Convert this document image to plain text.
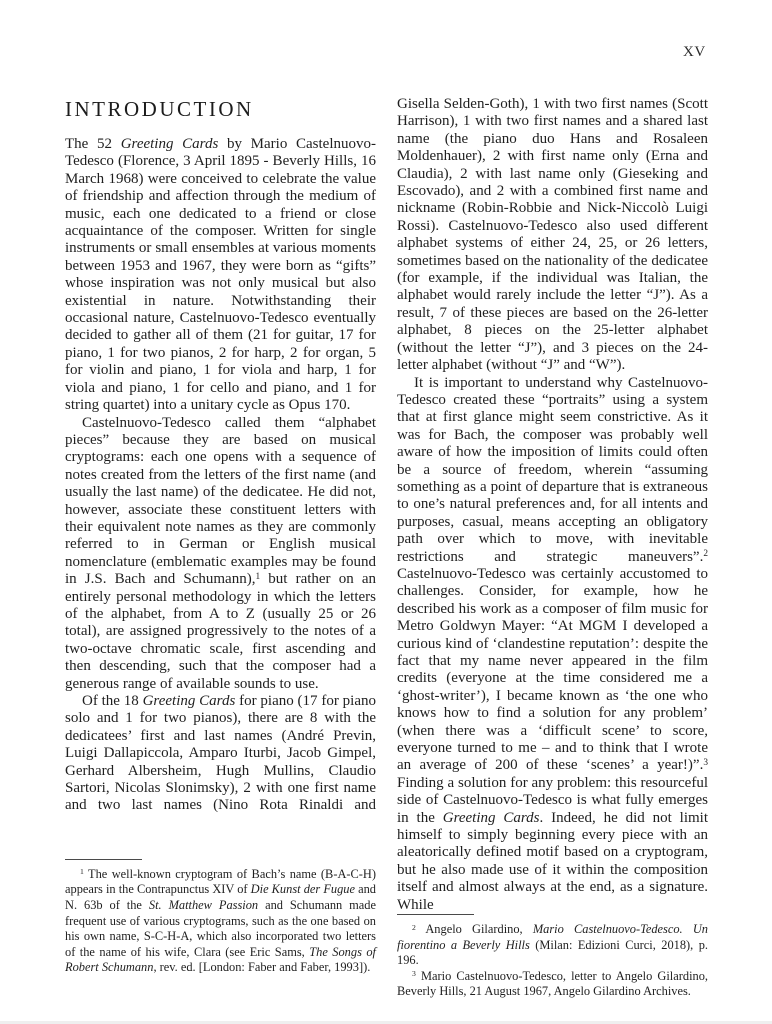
XV
INTRODUCTION

The 52 Greeting Cards by Mario Castelnuovo-Tedesco (Florence, 3 April 1895 - Beverly Hills, 16 March 1968) were conceived to celebrate the value of friendship and affection through the medium of music, each one dedicated to a friend or close acquaintance of the composer. Written for single instruments or small ensembles at various moments between 1953 and 1967, they were born as “gifts” whose inspiration was not only musical but also existential in nature. Notwithstanding their occasional nature, Castelnuovo-Tedesco eventually decided to gather all of them (21 for guitar, 17 for piano, 1 for two pianos, 2 for harp, 2 for organ, 5 for violin and piano, 1 for viola and harp, 1 for viola and piano, 1 for cello and piano, and 1 for string quartet) into a unitary cycle as Opus 170.

Castelnuovo-Tedesco called them “alphabet pieces” because they are based on musical cryptograms: each one opens with a sequence of notes created from the letters of the first name (and usually the last name) of the dedicatee. He did not, however, associate these constituent letters with their equivalent note names as they are commonly referred to in German or English musical nomenclature (emblematic examples may be found in J.S. Bach and Schumann),$^1$ but rather on an entirely personal methodology in which the letters of the alphabet, from A to Z (usually 25 or 26 total), are assigned progressively to the notes of a two-octave chromatic scale, first ascending and then descending, such that the composer had a generous range of available sounds to use.

Of the 18 Greeting Cards for piano (17 for piano solo and 1 for two pianos), there are 8 with the dedicatees’ first and last names (André Previn, Luigi Dallapiccola, Amparo Iturbi, Jacob Gimpel, Gerhard Albersheim, Hugh Mullins, Claudio Sartori, Nicolas Slonimsky), 2 with one first name and two last names (Nino Rota Rinaldi and

$^1$ The well-known cryptogram of Bach’s name (B-A-C-H) appears in the Contrapunctus XIV of Die Kunst der Fugue and N. 63b of the St. Matthew Passion and Schumann made frequent use of various cryptograms, such as the one based on his own name, S-C-H-A, which also incorporated two letters of the name of his wife, Clara (see Eric Sams, The Songs of Robert Schumann, rev. ed. [London: Faber and Faber, 1993]).

Gisella Selden-Goth), 1 with two first names (Scott Harrison), 1 with two first names and a shared last name (the piano duo Hans and Rosaleen Moldenhauer), 2 with first name only (Erna and Claudia), 2 with last name only (Gieseking and Escovado), and 2 with a combined first name and nickname (Robin-Robbie and Nick-Niccolò Luigi Rossi). Castelnuovo-Tedesco also used different alphabet systems of either 24, 25, or 26 letters, sometimes based on the nationality of the dedicatee (for example, if the individual was Italian, the alphabet would rarely include the letter “J”). As a result, 7 of these pieces are based on the 26-letter alphabet, 8 pieces on the 25-letter alphabet (without the letter “J”), and 3 pieces on the 24-letter alphabet (without “J” and “W”).

It is important to understand why Castelnuovo-Tedesco created these “portraits” using a system that at first glance might seem constrictive. As it was for Bach, the composer was probably well aware of how the imposition of limits could often be a source of freedom, wherein “assuming something as a point of departure that is extraneous to one’s natural preferences and, for all intents and purposes, casual, means accepting an obligatory path over which to move, with inevitable restrictions and strategic maneuvers”.$^2$ Castelnuovo-Tedesco was certainly accustomed to challenges. Consider, for example, how he described his work as a composer of film music for Metro Goldwyn Mayer: “At MGM I developed a curious kind of ‘clandestine reputation’: despite the fact that my name never appeared in the film credits (everyone at the time considered me a ‘ghost-writer’), I became known as ‘the one who knows how to find a solution for any problem’ (when there was a ‘difficult scene’ to score, everyone turned to me – and to think that I wrote an average of 200 of these ‘scenes’ a year!)”.$^3$ Finding a solution for any problem: this resourceful side of Castelnuovo-Tedesco is what fully emerges in the Greeting Cards. Indeed, he did not limit himself to simply beginning every piece with an aleatorically defined motif based on a cryptogram, but he also made use of it within the composition itself and almost always at the end, as a signature. While

$^2$ Angelo Gilardino, Mario Castelnuovo-Tedesco. Un fiorentino a Beverly Hills (Milan: Edizioni Curci, 2018), p. 196.

$^3$ Mario Castelnuovo-Tedesco, letter to Angelo Gilardino, Beverly Hills, 21 August 1967, Angelo Gilardino Archives.
